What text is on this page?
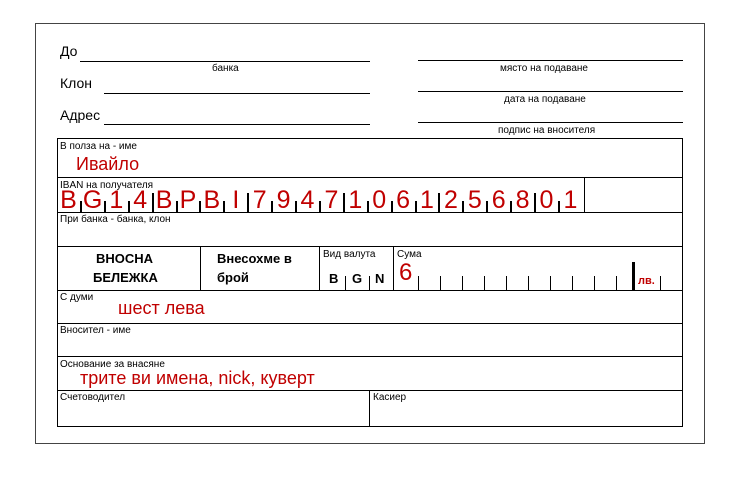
До
банка
Клон
Адрес
място на подаване
дата на подаване
подпис на вносителя
В полза на - име
Ивайло
IBAN на получателя
B G 1 4 B P B I 7 9 4 7 1 0 6 1 2 5 6 8 0 1
При банка - банка, клон
ВНОСНА
БЕЛЕЖКА
Внесохме в
брой
Вид валута
B G N
Сума
6	лв.
С думи
шест лева
Вносител - име
Основание за внасяне
трите ви имена, nick, куверт
Счетоводител	Касиер
